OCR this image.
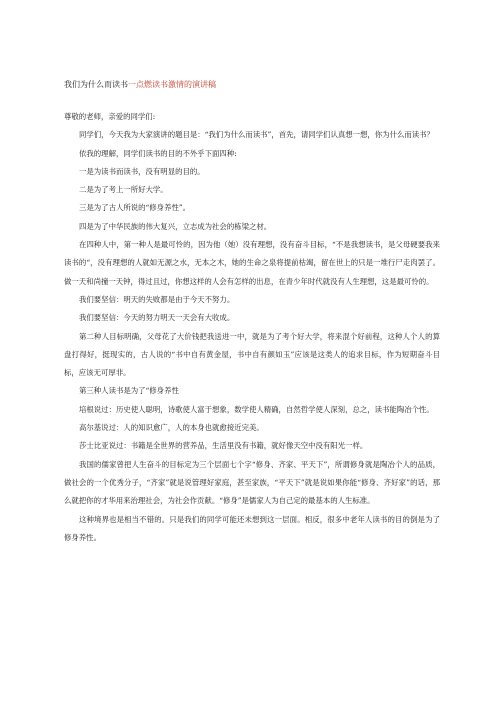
我们为什么而读书一点燃读书激情的演讲稿

尊敬的老师，亲爱的同学们:

同学们，今天我为大家演讲的题目是：“我们为什么而读书”，首先，请同学们认真想一想，你为什么而读书？

依我的理解，同学们读书的目的不外乎下面四种:

一是为读书而读书，没有明显的目的。

二是为了考上一所好大学。

三是为了古人所说的“修身养性”。

四是为了中华民族的伟大复兴，立志成为社会的栋梁之材。

在四种人中，第一种人是最可怜的，因为他（她）没有理想，没有奋斗目标，“不是我想读书，是父母硬要我来读书的“，没有理想的人就如无源之水，无本之木，她的生命之泉将提前枯竭，留在世上的只是一堆行尸走肉罢了。做一天和尚撞一天钟，得过且过，你想这样的人会有怎样的出息，在青少年时代就没有人生理想，这是最可怜的。

我们要坚信：明天的失败都是由于今天不努力。

我们要坚信：今天的努力明天一天会有大收成。

第二种人目标明确，父母花了大价钱把我送进一中，就是为了考个好大学，将来混个好前程，这种人个人的算盘打得好，挺现实的，古人说的“书中自有黄金屋，书中自有颜如玉”应该是这类人的追求目标，作为短期奋斗目标，应该无可厚非。

第三种人读书是为了“修身养性

培根说过：历史使人聪明，诗歌使人富于想象，数学使人精确，自然哲学使人深刻，总之，读书能陶冶个性。

高尔基说过：人的知识愈广，人的本身也就愈接近完美。

莎士比亚说过：书籍是全世界的营养品，生活里没有书籍，就好像天空中没有阳光一样。

我国的儒家曾把人生奋斗的目标定为三个层面七个字“修身、齐家、平天下”，所谓修身就是陶冶个人的品质，做社会的一个优秀分子，“齐家”就是说管理好家庭，甚至家族，“平天下”就是说如果你能“修身、齐好家”的话，那么就把你的才华用来治理社会，为社会作贡献。“修身”是儒家人为自己定的最基本的人生标准。

这种境界也是相当不错的。只是我们的同学可能还未想到这一层面。相反，很多中老年人读书的目的倒是为了修身养性。
